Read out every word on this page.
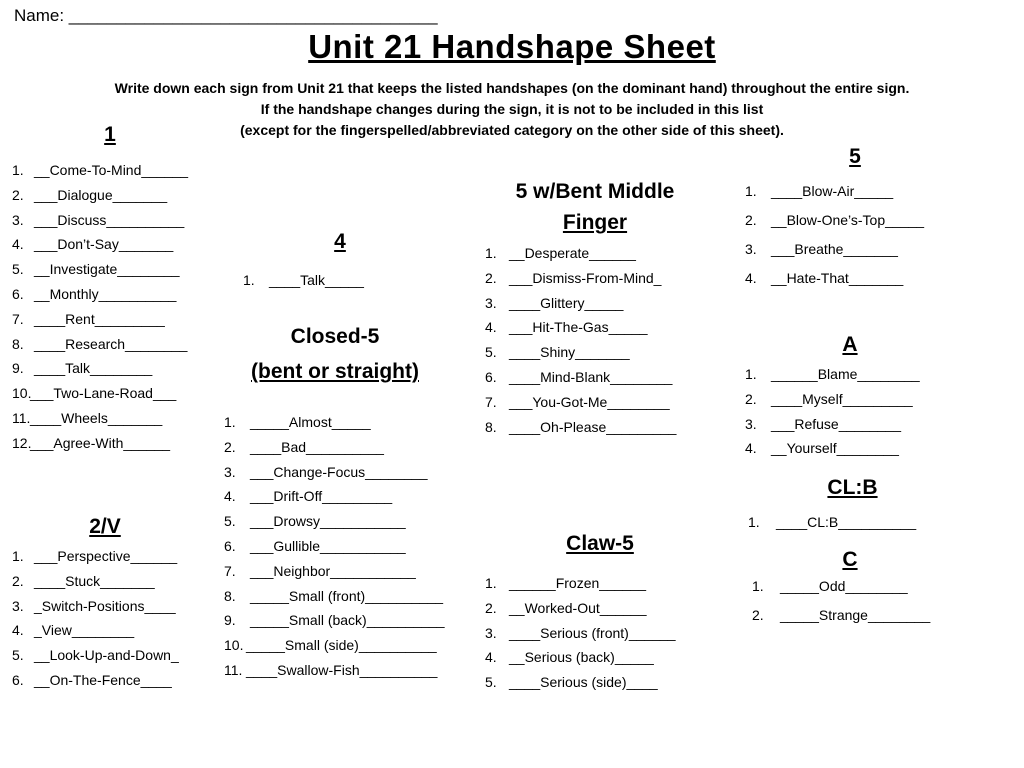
Name: _______________________________________
Unit 21 Handshape Sheet
Write down each sign from Unit 21 that keeps the listed handshapes (on the dominant hand) throughout the entire sign.
If the handshape changes during the sign, it is not to be included in this list
(except for the fingerspelled/abbreviated category on the other side of this sheet).
1
1. __Come-To-Mind______
2. ___Dialogue_______
3. ___Discuss__________
4. ___Don’t-Say_______
5. __Investigate________
6. __Monthly__________
7. ____Rent_________
8. ____Research________
9. ____Talk________
10.___Two-Lane-Road___
11.____Wheels_______
12.___Agree-With______
2/V
1. ___Perspective______
2. ____Stuck_______
3. _Switch-Positions____
4. _View________
5. __Look-Up-and-Down_
6. __On-The-Fence____
4
1. ____Talk_____
Closed-5
(bent or straight)
1. _____Almost_____
2. ____Bad__________
3. ___Change-Focus________
4. ___Drift-Off_________
5. ___Drowsy___________
6. ___Gullible___________
7. ___Neighbor___________
8. _____Small (front)__________
9. _____Small (back)__________
10. _____Small (side)__________
11. ____Swallow-Fish__________
5 w/Bent Middle
Finger
1. __Desperate______
2. ___Dismiss-From-Mind_
3. ____Glittery_____
4. ___Hit-The-Gas_____
5. ____Shiny_______
6. ____Mind-Blank________
7. ___You-Got-Me________
8. ____Oh-Please_________
Claw-5
1. ______Frozen______
2. __Worked-Out______
3. ____Serious (front)______
4. __Serious (back)_____
5. ____Serious (side)____
5
1. ____Blow-Air_____
2. __Blow-One’s-Top_____
3. ___Breathe_______
4. __Hate-That_______
A
1. ______Blame________
2. ____Myself_________
3. ___Refuse________
4. __Yourself________
CL:B
1. ____CL:B__________
C
1. _____Odd________
2. _____Strange________
